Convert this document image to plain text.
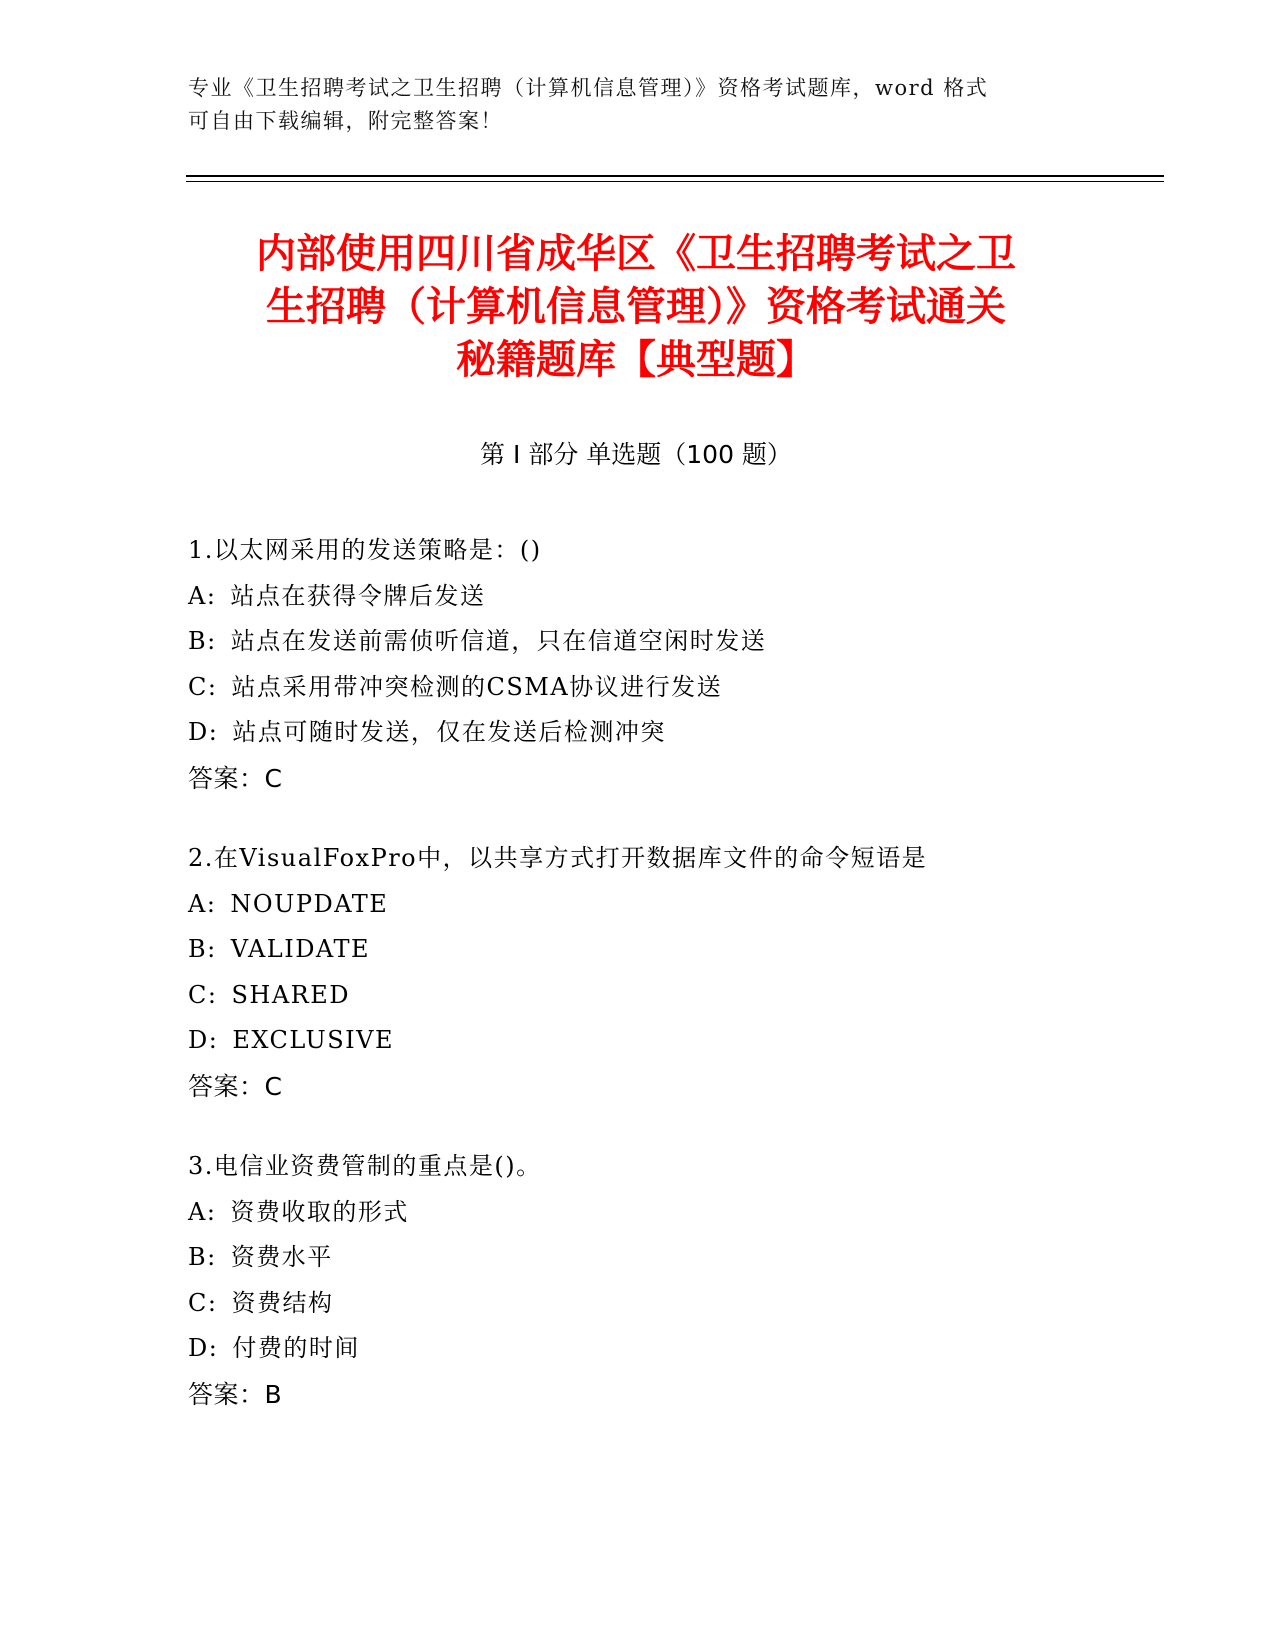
专业《卫生招聘考试之卫生招聘（计算机信息管理）》资格考试题库，word 格式
可自由下载编辑，附完整答案！
内部使用四川省成华区《卫生招聘考试之卫
生招聘（计算机信息管理）》资格考试通关
秘籍题库【典型题】
第 I 部分 单选题（100 题）
1.以太网采用的发送策略是：()
A: 站点在获得令牌后发送
B: 站点在发送前需侦听信道，只在信道空闲时发送
C: 站点采用带冲突检测的CSMA协议进行发送
D: 站点可随时发送，仅在发送后检测冲突
答案：C
2.在VisualFoxPro中，以共享方式打开数据库文件的命令短语是
A: NOUPDATE
B: VALIDATE
C: SHARED
D: EXCLUSIVE
答案：C
3.电信业资费管制的重点是()。
A: 资费收取的形式
B: 资费水平
C: 资费结构
D: 付费的时间
答案：B
